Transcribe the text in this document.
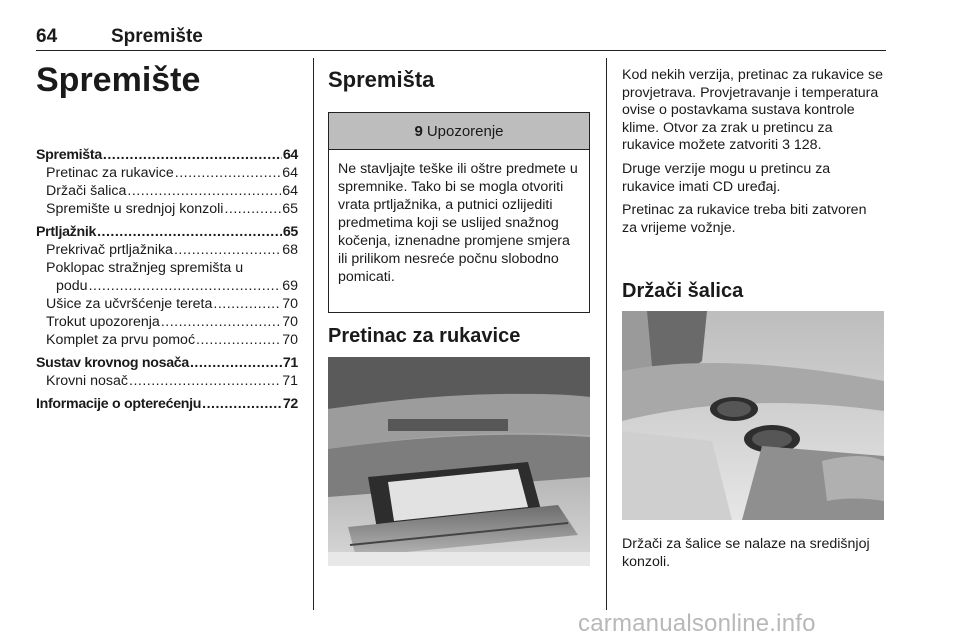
64	Spremište
Spremište
Spremišta .....	64
Pretinac za rukavice .....	64
Držači šalica .....	64
Spremište u srednjoj konzoli .....	65
Prtljažnik .....	65
Prekrivač prtljažnika .....	68
Poklopac stražnjeg spremišta u
podu .....	69
Ušice za učvršćenje tereta .....	70
Trokut upozorenja .....	70
Komplet za prvu pomoć .....	70
Sustav krovnog nosača .....	71
Krovni nosač .....	71
Informacije o opterećenju .....	72
Spremišta
9 Upozorenje
Ne stavljajte teške ili oštre predmete u spremnike. Tako bi se mogla otvoriti vrata prtljažnika, a putnici ozlijediti predmetima koji se uslijed snažnog kočenja, iznenadne promjene smjera ili prilikom nesreće počnu slobodno pomicati.
Pretinac za rukavice

Kod nekih verzija, pretinac za rukavice se provjetrava. Provjetravanje i temperatura ovise o postavkama sustava kontrole klime. Otvor za zrak u pretincu za rukavice možete zatvoriti 3 128.

Druge verzije mogu u pretincu za rukavice imati CD uređaj.

Pretinac za rukavice treba biti zatvoren za vrijeme vožnje.

Držači šalica
Držači za šalice se nalaze na središnjoj konzoli.
carmanualsonline.info
